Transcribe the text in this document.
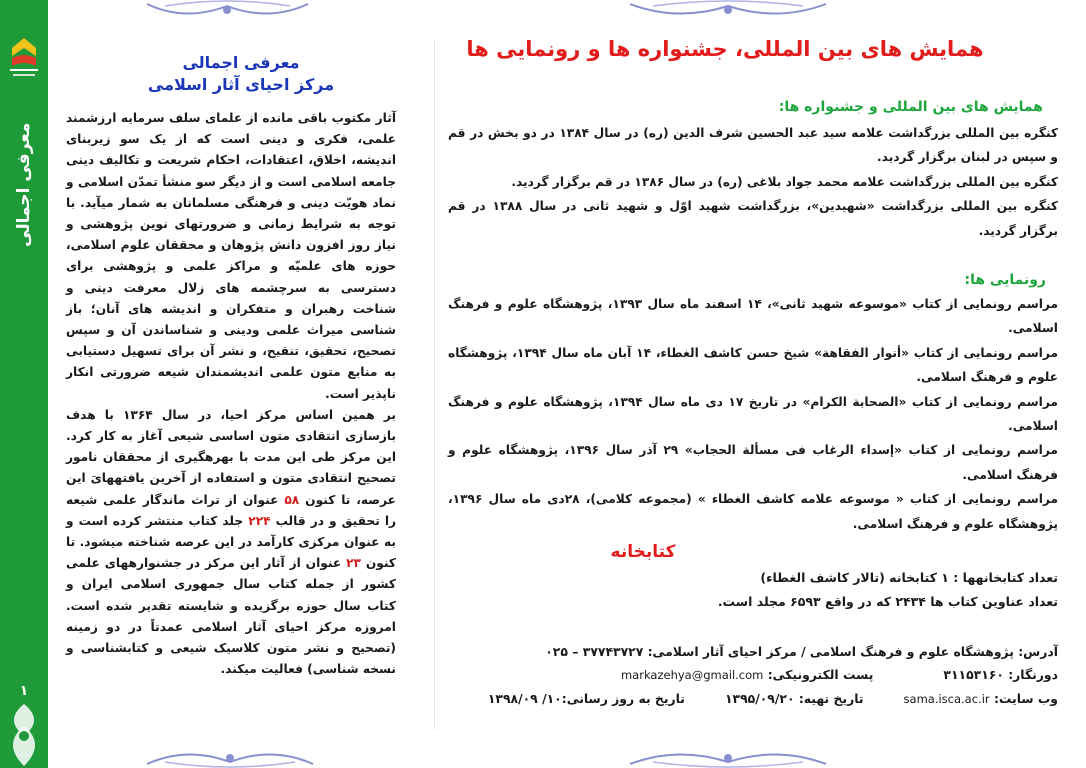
معرفی اجمالی مرکز
۱
معرفی اجمالی
مرکز احیای آثار اسلامی

آثار مکتوب باقی مانده از علمای سلف سرمایه ارزشمند علمی، فکری و دینی است که از یک سو زیربنای اندیشه، اخلاق، اعتقادات، احکام شریعت و تکالیف دینی جامعه اسلامی است و از دیگر سو منشأ تمدّن اسلامی و نماد هویّت دینی و فرهنگی مسلمانان به شمار میآید. با توجه به شرایط زمانی و ضرورتهای نوین پژوهشی و نیاز روز افزون دانش پژوهان و محققان علوم اسلامی، حوزه های علمیّه و مراکز علمی و پژوهشی برای دسترسی به سرچشمه های زلال معرفت دینی و شناخت رهبران و متفکران و اندیشه های آنان؛ باز شناسی میراث علمی ودینی و شناساندن آن و سپس تصحیح، تحقیق، تنقیح، و نشر آن برای تسهیل دستیابی به منابع متون علمی اندیشمندان شیعه ضرورتی انکار ناپذیر است.

بر همین اساس مرکز احیا، در سال ۱۳۶۴ با هدف بازسازی انتقادی متون اساسی شیعی آغاز به کار کرد. این مرکز طی این مدت با بهرهگیری از محققان نامور تصحیح انتقادی متون و استفاده از آخرین یافتههایَ این عرصه، تا کنون ۵۸ عنوان از تراث ماندگار علمی شیعه را تحقیق و در قالب ۲۲۴ جلد کتاب منتشر کرده است و به عنوان مرکزی کارآمد در این عرصه شناخته میشود. تا کنون ۲۳ عنوان از آثار این مرکز در جشنوارههای علمی کشور از جمله کتاب سال جمهوری اسلامی ایران و کتاب سال حوزه برگزیده و شایسته تقدیر شده است. امروزه مرکز احیای آثار اسلامی عمدتاً در دو زمینه (تصحیح و نشر متون کلاسیک شیعی و کتابشناسی و نسخه شناسی) فعالیت میکند.

همایش های بین المللی، جشنواره ها و رونمایی ها
همایش های بین المللی و جشنواره ها:

کنگره بین المللی بزرگداشت علامه سید عبد الحسین شرف الدین (ره) در سال ۱۳۸۴ در دو بخش در قم و سپس در لبنان برگزار گردید.

کنگره بین المللی بزرگداشت علامه محمد جواد بلاغی (ره) در سال ۱۳۸۶ در قم برگزار گردید.

کنگره بین المللی بزرگداشت «شهیدین»، بزرگداشت شهید اوّل و شهید ثانی در سال ۱۳۸۸ در قم برگزار گردید.

رونمایی ها:

مراسم رونمایی از کتاب «موسوعه شهید ثانی»، ۱۴ اسفند ماه سال ۱۳۹۳، پژوهشگاه علوم و فرهنگ اسلامی.

مراسم رونمایی از کتاب «أنوار الفقاهة» شیخ حسن کاشف الغطاء، ۱۴ آبان ماه سال ۱۳۹۴، پژوهشگاه علوم و فرهنگ اسلامی.

مراسم رونمایی از کتاب «الصحابة الکرام» در تاریخ ۱۷ دی ماه سال ۱۳۹۴، پژوهشگاه علوم و فرهنگ اسلامی.

مراسم رونمایی از کتاب «إسداء الرغاب فی مسألة الحجاب» ۲۹ آذر سال ۱۳۹۶، پژوهشگاه علوم و فرهنگ اسلامی.

مراسم رونمایی از کتاب « موسوعه علامه کاشف الغطاء » (مجموعه کلامی)، ۲۸دی ماه سال ۱۳۹۶، پژوهشگاه علوم و فرهنگ اسلامی.

کتابخانه

تعداد کتابخانهها : ۱ کتابخانه (تالار کاشف الغطاء)

تعداد عناوین کتاب ها ۲۴۳۴ که در واقع ۶۵۹۳ مجلد است.

آدرس: پژوهشگاه علوم و فرهنگ اسلامی / مرکز احیای آثار اسلامی: ۳۷۷۴۳۷۲۷ – ۰۲۵
دورنگار: ۳۱۱۵۳۱۶۰
پست الکترونیکی: markazehya@gmail.com
وب سایت: sama.isca.ac.ir
تاریخ تهیه: ۱۳۹۵/۰۹/۲۰
تاریخ به روز رسانی:۱۰/ ۱۳۹۸/۰۹
